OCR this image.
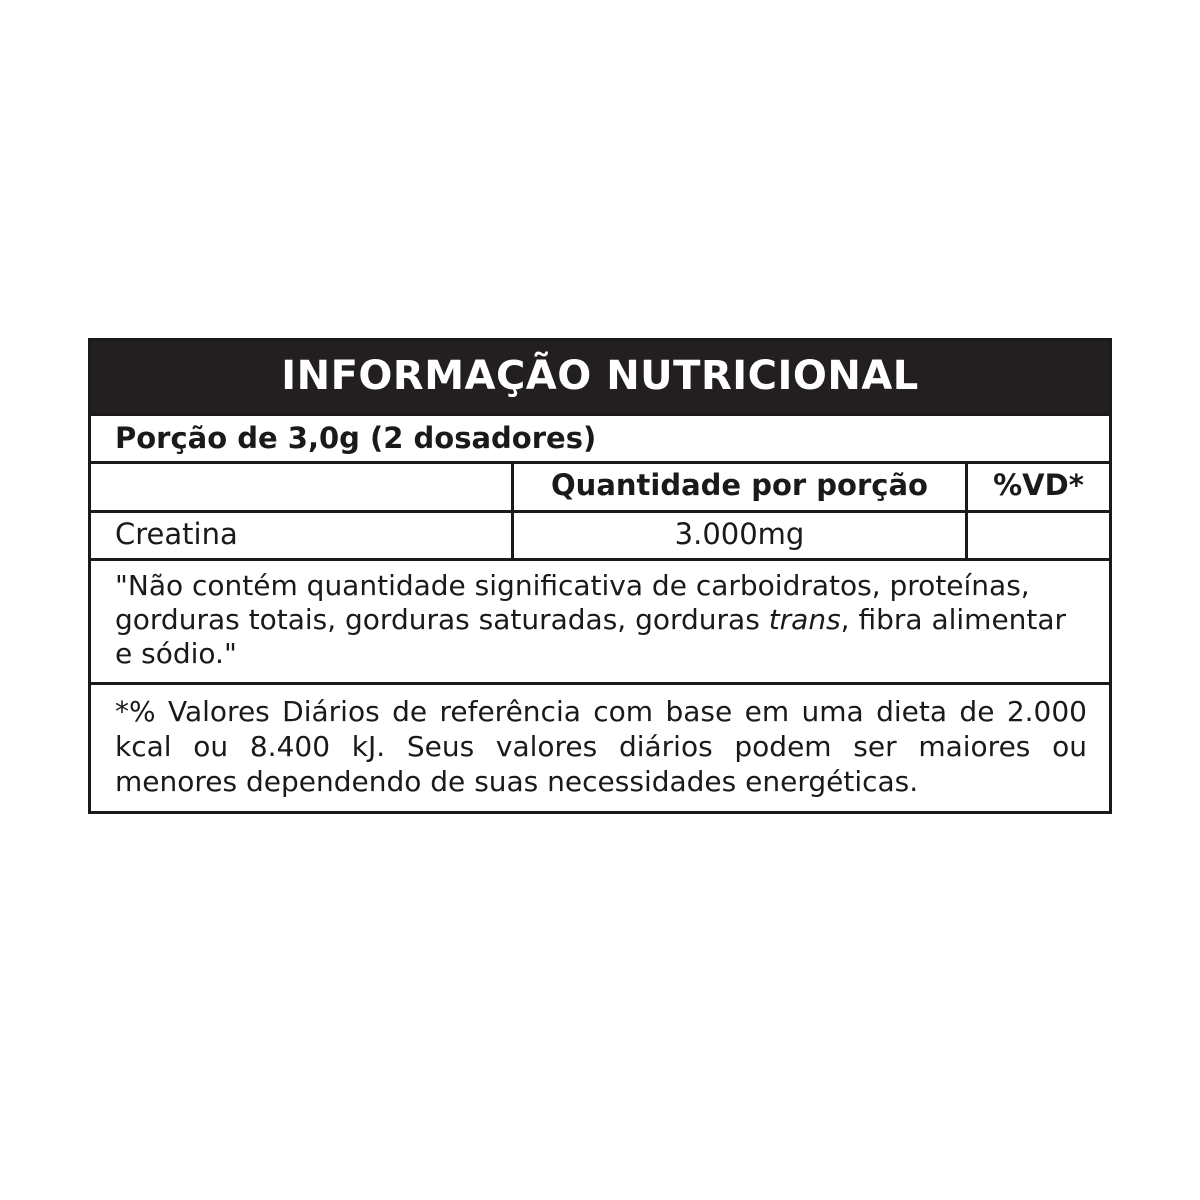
INFORMAÇÃO NUTRICIONAL
Porção de 3,0g (2 dosadores)
Quantidade por porção	%VD*
Creatina	3.000mg
"Não contém quantidade significativa de carboidratos, proteínas, gorduras totais, gorduras saturadas, gorduras trans, fibra alimentar e sódio."
*% Valores Diários de referência com base em uma dieta de 2.000 kcal ou 8.400 kJ. Seus valores diários podem ser maiores ou menores dependendo de suas necessidades energéticas.
